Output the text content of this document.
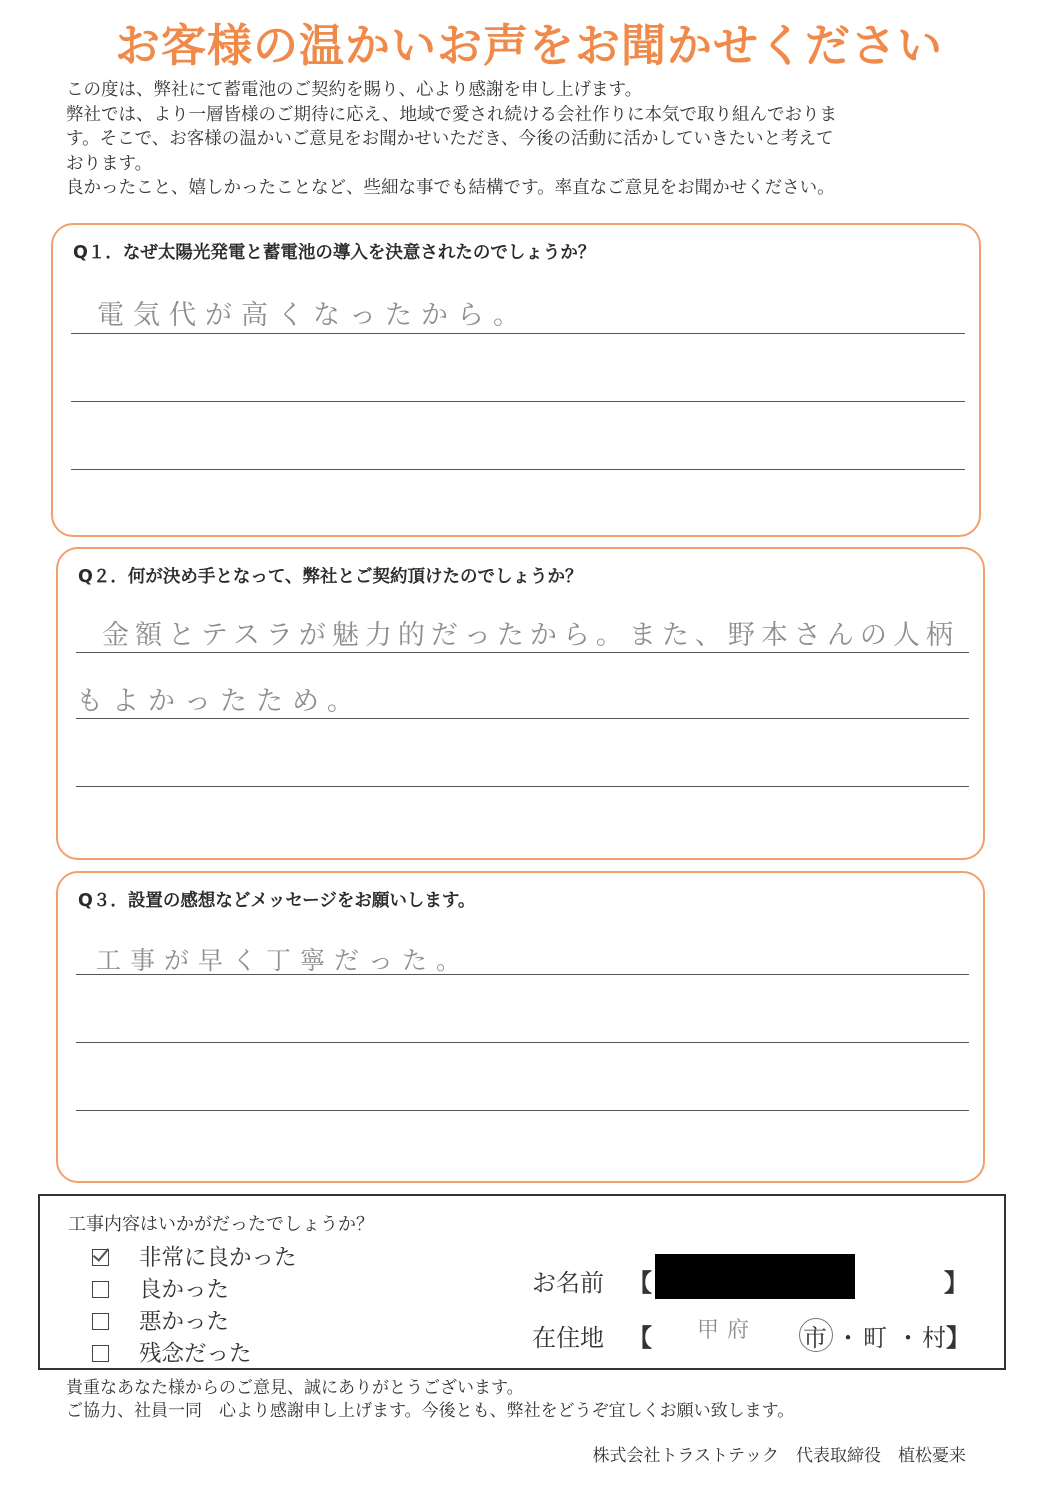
お客様の温かいお声をお聞かせください

この度は、弊社にて蓄電池のご契約を賜り、心より感謝を申し上げます。

弊社では、より一層皆様のご期待に応え、地域で愛され続ける会社作りに本気で取り組んでおりま

す。そこで、お客様の温かいご意見をお聞かせいただき、今後の活動に活かしていきたいと考えて

おります。

良かったこと、嬉しかったことなど、些細な事でも結構です。率直なご意見をお聞かせください。

Q１．なぜ太陽光発電と蓄電池の導入を決意されたのでしょうか？
電気代が高くなったから。
Q２．何が決め手となって、弊社とご契約頂けたのでしょうか？
金額とテスラが魅力的だったから。また、野本さんの人柄
もよかったため。
Q３．設置の感想などメッセージをお願いします。
工事が早く丁寧だった。
工事内容はいかがだったでしょうか？
非常に良かった
良かった
悪かった
残念だった
お名前 【	】
在住地 【 甲府 市 ・ 町 ・ 村 】

貴重なあなた様からのご意見、誠にありがとうございます。

ご協力、社員一同　心より感謝申し上げます。今後とも、弊社をどうぞ宜しくお願い致します。

株式会社トラストテック　代表取締役　植松憂来
